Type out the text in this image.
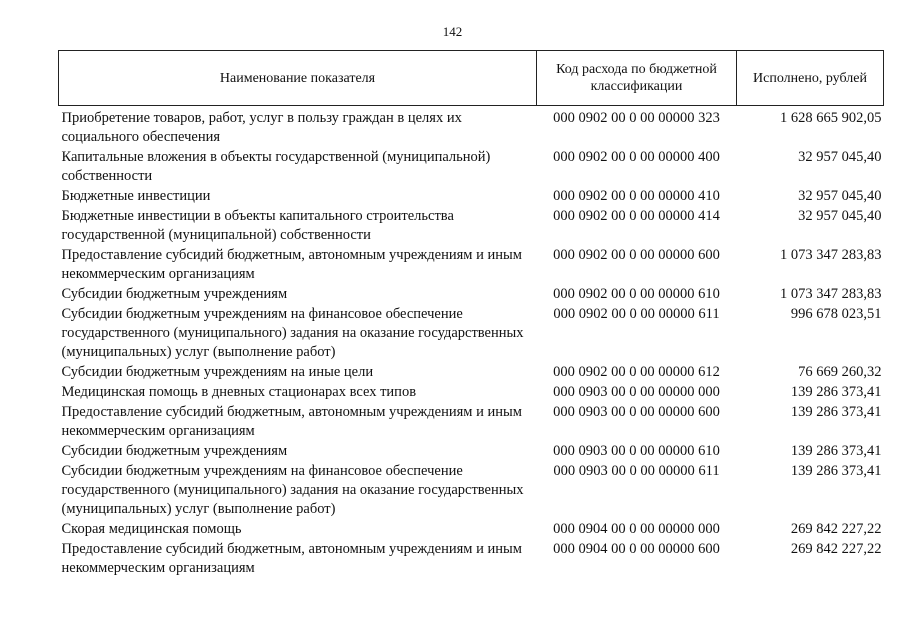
142
Наименование показателя	Код расхода по бюджетной классификации	Исполнено, рублей
Приобретение товаров, работ, услуг в пользу граждан в целях их социального обеспечения	000 0902 00 0 00 00000 323	1 628 665 902,05
Капитальные вложения в объекты государственной (муниципальной) собственности	000 0902 00 0 00 00000 400	32 957 045,40
Бюджетные инвестиции	000 0902 00 0 00 00000 410	32 957 045,40
Бюджетные инвестиции в объекты капитального строительства государственной (муниципальной) собственности	000 0902 00 0 00 00000 414	32 957 045,40
Предоставление субсидий бюджетным, автономным учреждениям и иным некоммерческим организациям	000 0902 00 0 00 00000 600	1 073 347 283,83
Субсидии бюджетным учреждениям	000 0902 00 0 00 00000 610	1 073 347 283,83
Субсидии бюджетным учреждениям на финансовое обеспечение государственного (муниципального) задания на оказание государственных (муниципальных) услуг (выполнение работ)	000 0902 00 0 00 00000 611	996 678 023,51
Субсидии бюджетным учреждениям на иные цели	000 0902 00 0 00 00000 612	76 669 260,32
Медицинская помощь в дневных стационарах всех типов	000 0903 00 0 00 00000 000	139 286 373,41
Предоставление субсидий бюджетным, автономным учреждениям и иным некоммерческим организациям	000 0903 00 0 00 00000 600	139 286 373,41
Субсидии бюджетным учреждениям	000 0903 00 0 00 00000 610	139 286 373,41
Субсидии бюджетным учреждениям на финансовое обеспечение государственного (муниципального) задания на оказание государственных (муниципальных) услуг (выполнение работ)	000 0903 00 0 00 00000 611	139 286 373,41
Скорая медицинская помощь	000 0904 00 0 00 00000 000	269 842 227,22
Предоставление субсидий бюджетным, автономным учреждениям и иным некоммерческим организациям	000 0904 00 0 00 00000 600	269 842 227,22
